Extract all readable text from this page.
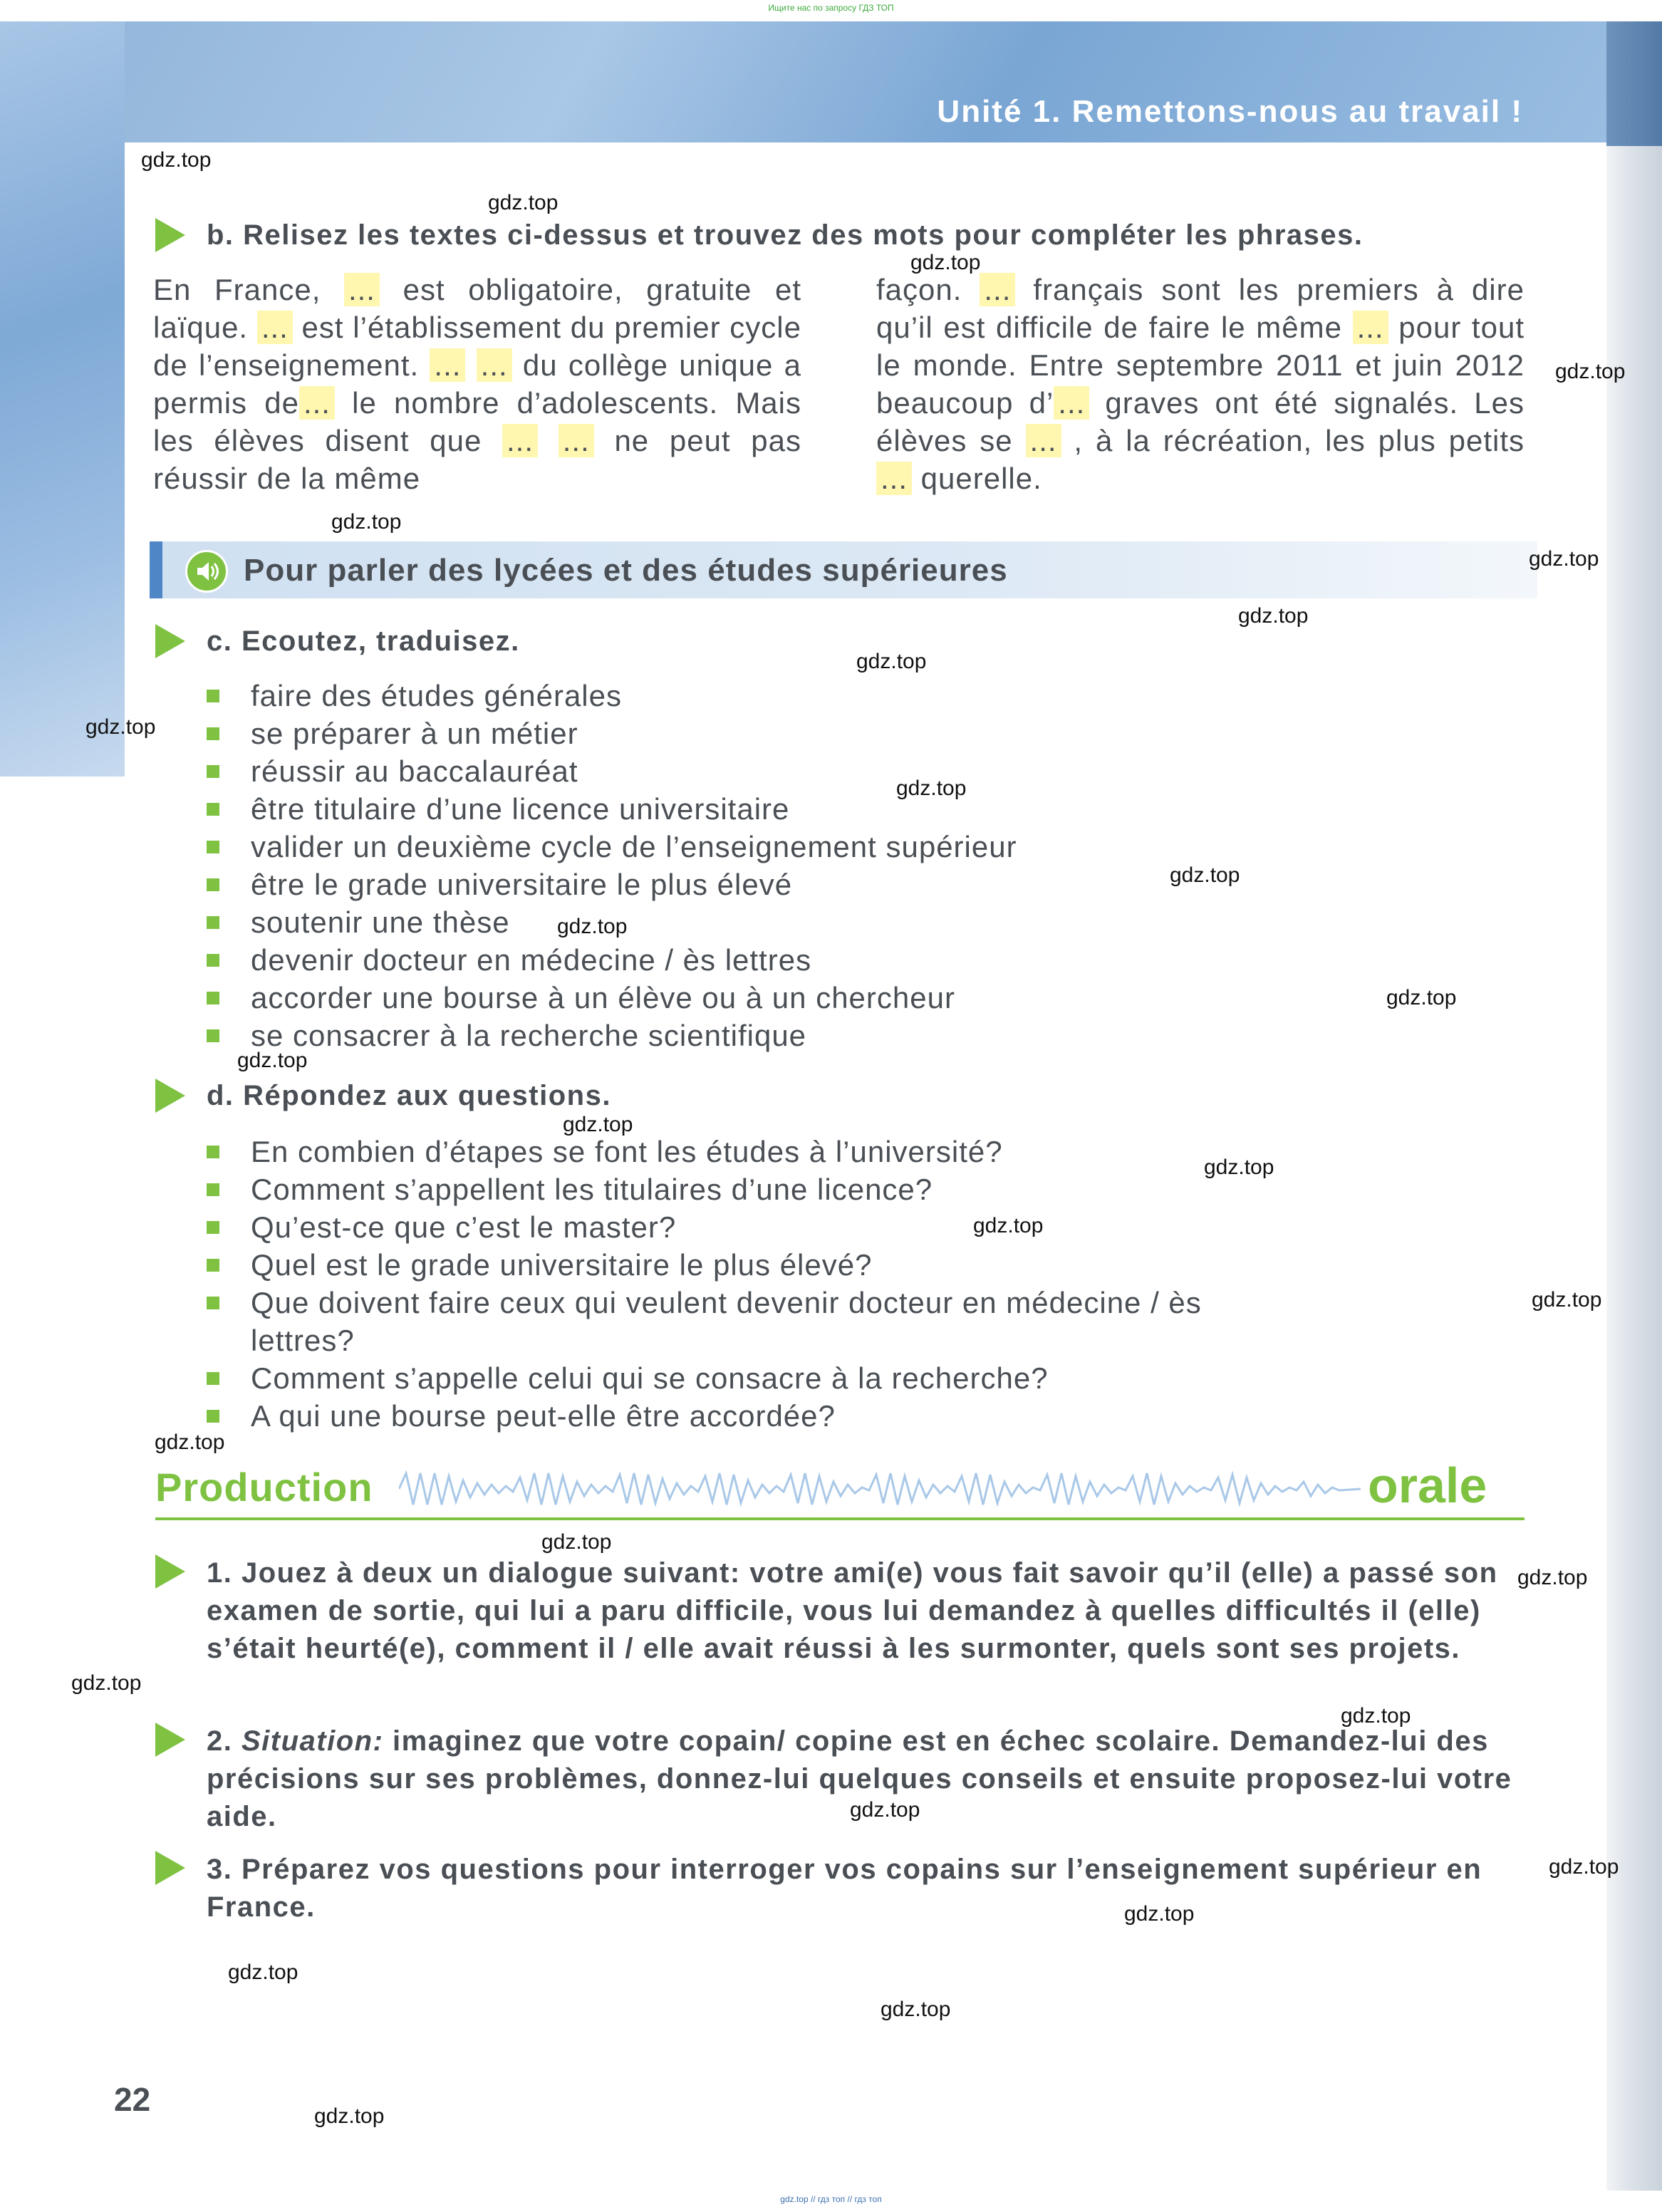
Ищите нас по запросу ГДЗ ТОП
Unité 1. Remettons-nous au travail !
b. Relisez les textes ci-dessus et trouvez des mots pour compléter les phrases.
En France, ... est obligatoire, gratuite et laïque. ... est l’établissement du premier cycle de l’enseignement. ... ... du collège unique a permis de ... le nombre d’adolescents. Mais les élèves disent que ... ... ne peut pas réussir de la même
façon. ... français sont les premiers à dire qu’il est difficile de faire le même ... pour tout le monde. Entre septembre 2011 et juin 2012 beaucoup d’ ... graves ont été signalés. Les élèves se ... , à la récréation, les plus petits ... querelle.
Pour parler des lycées et des études supérieures
c. Ecoutez, traduisez.
faire des études générales
se préparer à un métier
réussir au baccalauréat
être titulaire d’une licence universitaire
valider un deuxième cycle de l’enseignement supérieur
être le grade universitaire le plus élevé
soutenir une thèse
devenir docteur en médecine / ès lettres
accorder une bourse à un élève ou à un chercheur
se consacrer à la recherche scientifique
d. Répondez aux questions.
En combien d’étapes se font les études à l’université?
Comment s’appellent les titulaires d’une licence?
Qu’est-ce que c’est le master?
Quel est le grade universitaire le plus élevé?
Que doivent faire ceux qui veulent devenir docteur en médecine / ès lettres?
Comment s’appelle celui qui se consacre à la recherche?
A qui une bourse peut-elle être accordée?
Production	orale
1. Jouez à deux un dialogue suivant: votre ami(e) vous fait savoir qu’il (elle) a passé son examen de sortie, qui lui a paru difficile, vous lui demandez à quelles difficultés il (elle) s’était heurté(e), comment il / elle avait réussi à les surmonter, quels sont ses projets.
2. Situation: imaginez que votre copain/ copine est en échec scolaire. Demandez-lui des précisions sur ses problèmes, donnez-lui quelques conseils et ensuite proposez-lui votre aide.
3. Préparez vos questions pour interroger vos copains sur l’enseignement supérieur en France.
22
gdz.top
gdz.top
gdz.top
gdz.top
gdz.top
gdz.top
gdz.top
gdz.top
gdz.top
gdz.top
gdz.top
gdz.top
gdz.top
gdz.top
gdz.top
gdz.top
gdz.top
gdz.top
gdz.top
gdz.top
gdz.top
gdz.top
gdz.top
gdz.top
gdz.top
gdz.top
gdz.top
gdz.top
gdz.top
gdz.top // гдз топ // гдз топ
